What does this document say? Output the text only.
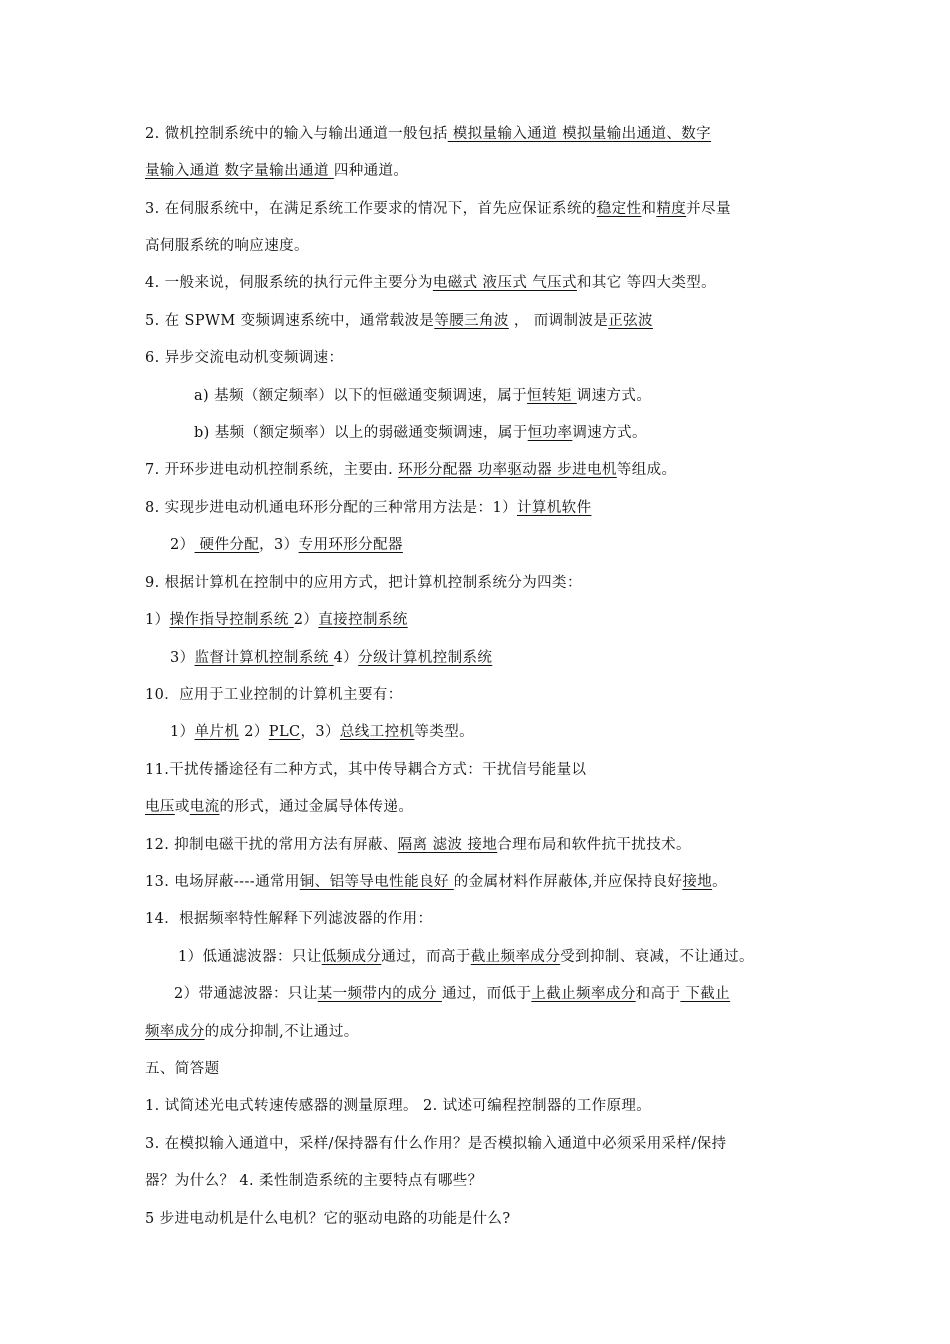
2. 微机控制系统中的输入与输出通道一般包括 模拟量输入通道 模拟量输出通道、数字
量输入通道 数字量输出通道 四种通道。
3. 在伺服系统中，在满足系统工作要求的情况下，首先应保证系统的稳定性和精度并尽量
高伺服系统的响应速度。
4. 一般来说，伺服系统的执行元件主要分为电磁式 液压式 气压式和其它 等四大类型。
5. 在 SPWM 变频调速系统中，通常载波是等腰三角波 ， 而调制波是正弦波
6. 异步交流电动机变频调速：
a) 基频（额定频率）以下的恒磁通变频调速，属于恒转矩 调速方式。
b) 基频（额定频率）以上的弱磁通变频调速，属于恒功率调速方式。
7. 开环步进电动机控制系统，主要由. 环形分配器 功率驱动器 步进电机等组成。
8. 实现步进电动机通电环形分配的三种常用方法是：1）计算机软件
2） 硬件分配，3）专用环形分配器
9. 根据计算机在控制中的应用方式，把计算机控制系统分为四类：
1）操作指导控制系统 2）直接控制系统
3）监督计算机控制系统 4）分级计算机控制系统
10．应用于工业控制的计算机主要有：
1）单片机 2）PLC，3）总线工控机等类型。
11.干扰传播途径有二种方式，其中传导耦合方式：干扰信号能量以
电压或电流的形式，通过金属导体传递。
12. 抑制电磁干扰的常用方法有屏蔽、隔离 滤波 接地合理布局和软件抗干扰技术。
13. 电场屏蔽----通常用铜、铝等导电性能良好 的金属材料作屏蔽体,并应保持良好接地。
14．根据频率特性解释下列滤波器的作用：
1）低通滤波器：只让低频成分通过，而高于截止频率成分受到抑制、衰减，不让通过。
2）带通滤波器：只让某一频带内的成分 通过，而低于上截止频率成分和高于 下截止
频率成分的成分抑制,不让通过。
五、简答题
1. 试简述光电式转速传感器的测量原理。 2. 试述可编程控制器的工作原理。
3. 在模拟输入通道中，采样/保持器有什么作用？是否模拟输入通道中必须采用采样/保持
器？为什么？ 4. 柔性制造系统的主要特点有哪些？
5 步进电动机是什么电机？它的驱动电路的功能是什么?
